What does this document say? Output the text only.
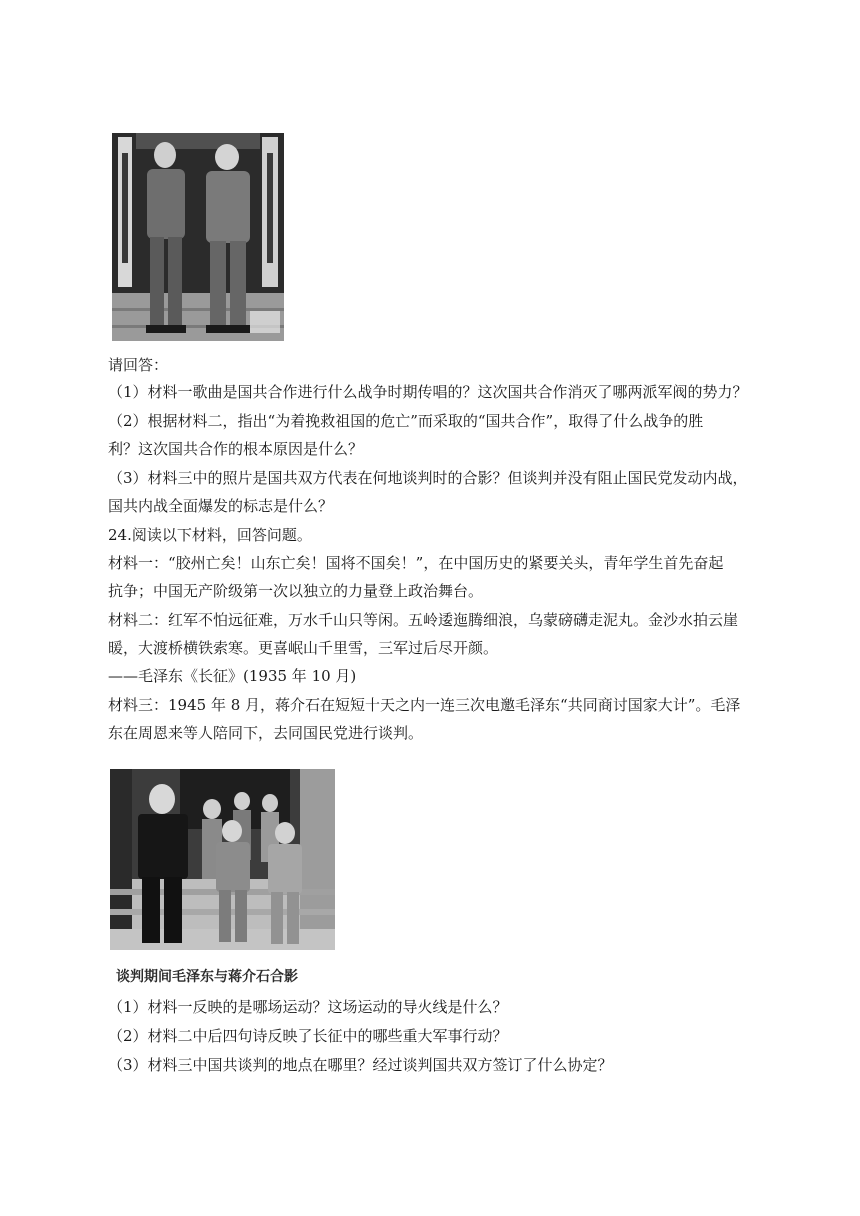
请回答：
（1）材料一歌曲是国共合作进行什么战争时期传唱的？这次国共合作消灭了哪两派军阀的势力？
（2）根据材料二，指出“为着挽救祖国的危亡”而采取的“国共合作”，取得了什么战争的胜
利？这次国共合作的根本原因是什么？
（3）材料三中的照片是国共双方代表在何地谈判时的合影？但谈判并没有阻止国民党发动内战，
国共内战全面爆发的标志是什么？
24.阅读以下材料，回答问题。
材料一：“胶州亡矣！山东亡矣！国将不国矣！”，在中国历史的紧要关头，青年学生首先奋起
抗争；中国无产阶级第一次以独立的力量登上政治舞台。
材料二：红军不怕远征难，万水千山只等闲。五岭逶迤腾细浪，乌蒙磅礴走泥丸。金沙水拍云崖
暖，大渡桥横铁索寒。更喜岷山千里雪，三军过后尽开颜。
——毛泽东《长征》(1935 年 10 月)
材料三：1945 年 8 月，蒋介石在短短十天之内一连三次电邀毛泽东“共同商讨国家大计”。毛泽
东在周恩来等人陪同下，去同国民党进行谈判。
谈判期间毛泽东与蒋介石合影
（1）材料一反映的是哪场运动？这场运动的导火线是什么？
（2）材料二中后四句诗反映了长征中的哪些重大军事行动？
（3）材料三中国共谈判的地点在哪里？经过谈判国共双方签订了什么协定？
